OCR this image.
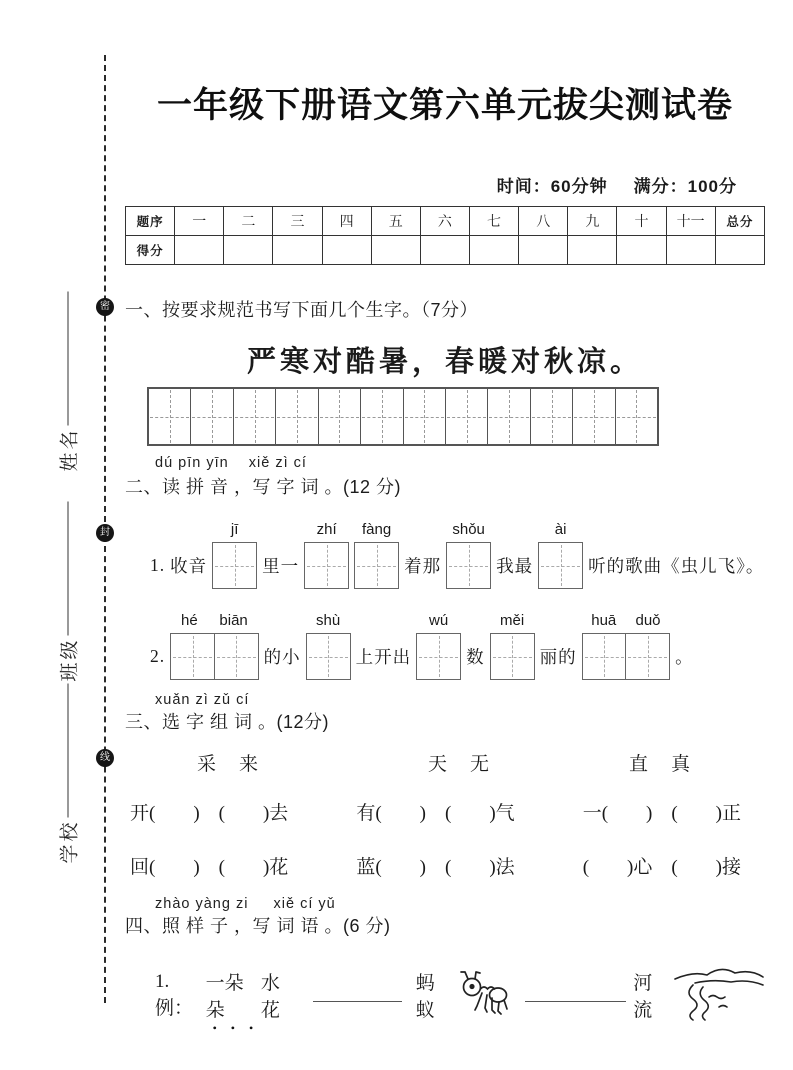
密
封
线
姓名
班级
学校
一年级下册语文第六单元拔尖测试卷
时间：60分钟 满分：100分
题序	一	二	三	四	五	六	七	八	九	十	十一	总分
得分												
一、按要求规范书写下面几个生字。（7分）
严寒对酷暑，春暖对秋凉。
dú pīn yīn    xiě zì cí
二、读 拼 音 ，写 字 词 。(12 分)
1. 收音
jī
里一
zhí fàng
着那
shǒu
我最
ài
听的歌曲《虫儿飞》。
2.
hé biān
的小
shù
上开出
wú
数
měi
丽的
huā duǒ
。
xuǎn zì zǔ cí
三、选 字 组 词 。(12分)
采　来	天　无	直　真
开(　　)　(　　)去	有(　　)　(　　)气	一(　　)　(　　)正
回(　　)　(　　)花	蓝(　　)　(　　)法	(　　)心　(　　)接
zhào yàng zi     xiě cí yǔ
四、照 样 子 ，写 词 语 。(6 分)
1.例：
一朵朵 •••
水花
蚂蚁
河流
